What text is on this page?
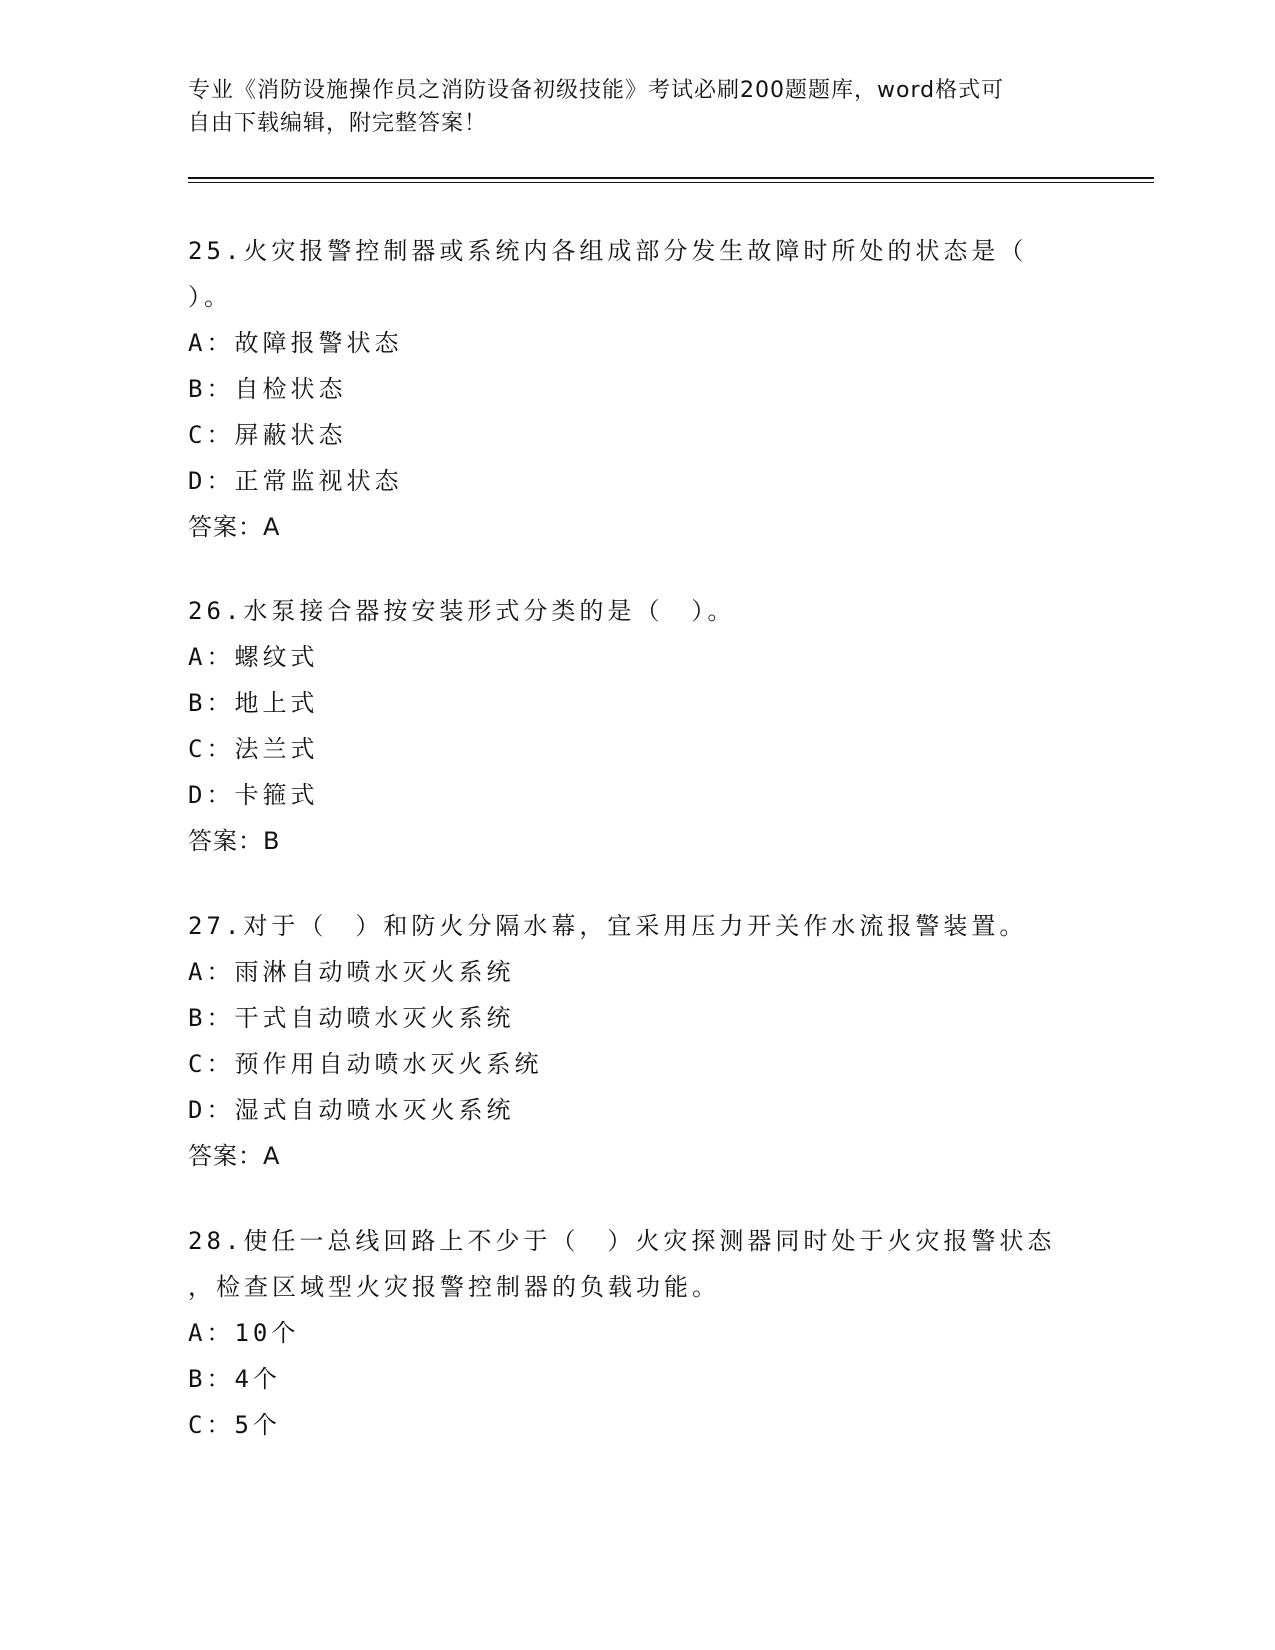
专业《消防设施操作员之消防设备初级技能》考试必刷200题题库，word格式可
自由下载编辑，附完整答案！

25.火灾报警控制器或系统内各组成部分发生故障时所处的状态是（

）。

A：故障报警状态

B：自检状态

C：屏蔽状态

D：正常监视状态

答案：A

26.水泵接合器按安装形式分类的是（　）。

A：螺纹式

B：地上式

C：法兰式

D：卡箍式

答案：B

27.对于（　）和防火分隔水幕，宜采用压力开关作水流报警装置。

A：雨淋自动喷水灭火系统

B：干式自动喷水灭火系统

C：预作用自动喷水灭火系统

D：湿式自动喷水灭火系统

答案：A

28.使任一总线回路上不少于（　）火灾探测器同时处于火灾报警状态

，检查区域型火灾报警控制器的负载功能。

A：10个

B：4个

C：5个
